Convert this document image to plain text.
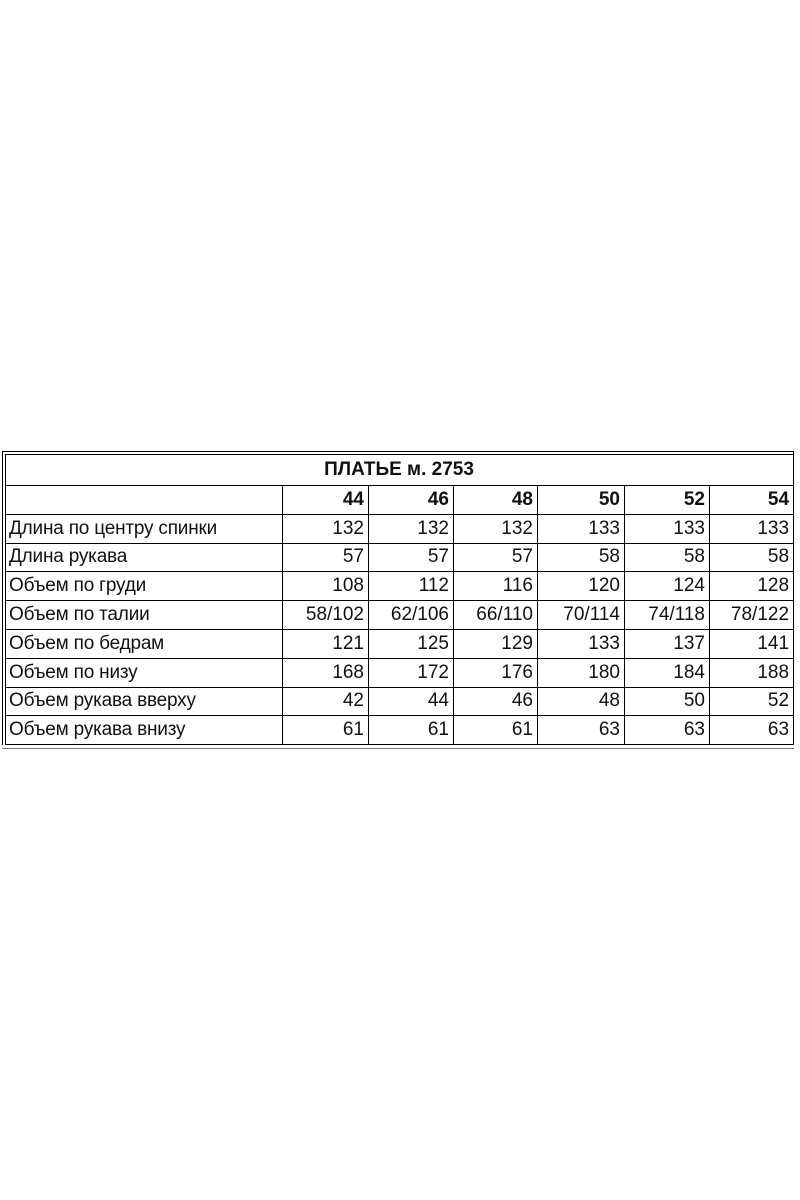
ПЛАТЬЕ м. 2753						
	44	46	48	50	52	54
Длина по центру спинки	132	132	132	133	133	133
Длина рукава	57	57	57	58	58	58
Объем по груди	108	112	116	120	124	128
Объем по талии	58/102	62/106	66/110	70/114	74/118	78/122
Объем по бедрам	121	125	129	133	137	141
Объем по низу	168	172	176	180	184	188
Объем рукава вверху	42	44	46	48	50	52
Объем рукава внизу	61	61	61	63	63	63
